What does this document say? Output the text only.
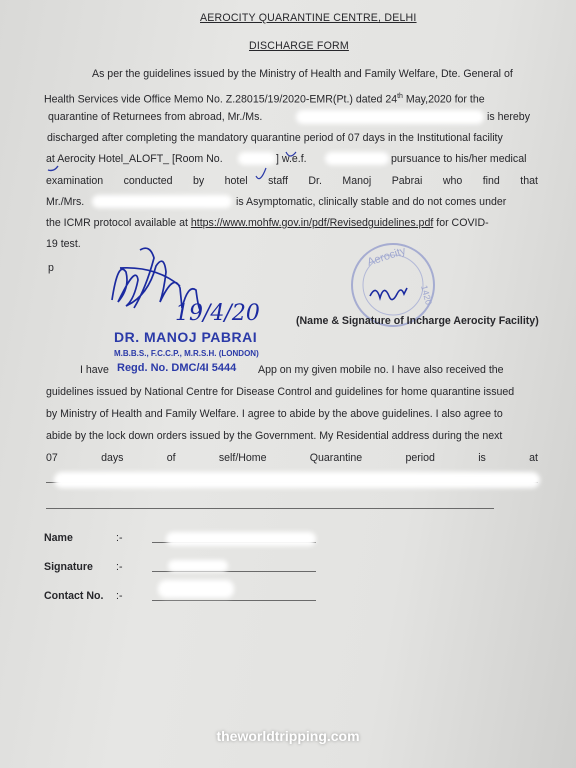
AEROCITY QUARANTINE CENTRE, DELHI
DISCHARGE FORM
As per the guidelines issued by the Ministry of Health and Family Welfare, Dte. General of
Health Services vide Office Memo No. Z.28015/19/2020-EMR(Pt.) dated 24th May,2020 for the
quarantine of Returnees from abroad, Mr./Ms.	is hereby
discharged after completing the mandatory quarantine period of 07 days in the Institutional facility
at Aerocity Hotel_ALOFT_ [Room No.	] w.e.f.	pursuance to his/her medical
examination conducted by hotel staff Dr. Manoj Pabrai who find that
Mr./Mrs.	is Asymptomatic, clinically stable and do not comes under
the ICMR protocol available at https://www.mohfw.gov.in/pdf/Revisedguidelines.pdf for COVID-
19 test.
p	Aerocity
1420
19/4/20
DR. MANOJ PABRAI
M.B.B.S., F.C.C.P., M.R.S.H. (LONDON)
(Name & Signature of Incharge Aerocity Facility)
I have Regd. No. DMC/4I 5444 App on my given mobile no. I have also received the
guidelines issued by National Centre for Disease Control and guidelines for home quarantine issued
by Ministry of Health and Family Welfare. I agree to abide by the above guidelines. I also agree to
abide by the lock down orders issued by the Government. My Residential address during the next
07	days	of	self/Home	Quarantine	period	is	at
Name	:-
Signature :-
Contact No. :-
theworldtripping.com
